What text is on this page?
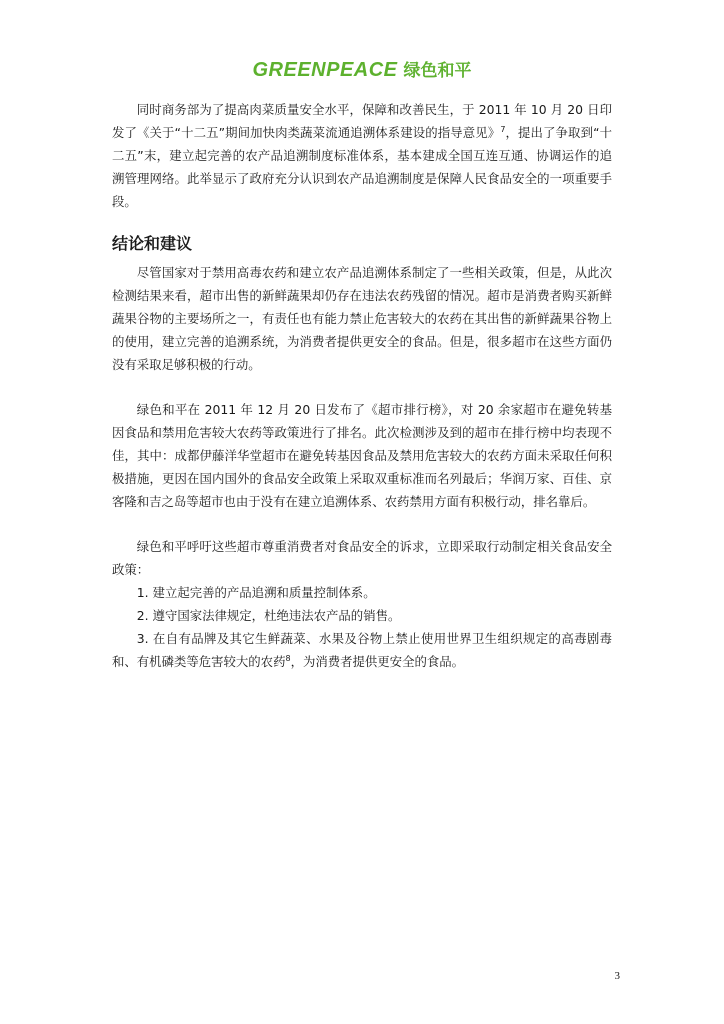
GREENPEACE 绿色和平

同时商务部为了提高肉菜质量安全水平，保障和改善民生，于 2011 年 10 月 20 日印发了《关于“十二五”期间加快肉类蔬菜流通追溯体系建设的指导意见》$^7$，提出了争取到“十二五”末，建立起完善的农产品追溯制度标准体系，基本建成全国互连互通、协调运作的追溯管理网络。此举显示了政府充分认识到农产品追溯制度是保障人民食品安全的一项重要手段。

结论和建议

尽管国家对于禁用高毒农药和建立农产品追溯体系制定了一些相关政策，但是，从此次检测结果来看，超市出售的新鲜蔬果却仍存在违法农药残留的情况。超市是消费者购买新鲜蔬果谷物的主要场所之一，有责任也有能力禁止危害较大的农药在其出售的新鲜蔬果谷物上的使用，建立完善的追溯系统，为消费者提供更安全的食品。但是，很多超市在这些方面仍没有采取足够积极的行动。

绿色和平在 2011 年 12 月 20 日发布了《超市排行榜》，对 20 余家超市在避免转基因食品和禁用危害较大农药等政策进行了排名。此次检测涉及到的超市在排行榜中均表现不佳，其中：成都伊藤洋华堂超市在避免转基因食品及禁用危害较大的农药方面未采取任何积极措施，更因在国内国外的食品安全政策上采取双重标准而名列最后；华润万家、百佳、京客隆和吉之岛等超市也由于没有在建立追溯体系、农药禁用方面有积极行动，排名靠后。

绿色和平呼吁这些超市尊重消费者对食品安全的诉求，立即采取行动制定相关食品安全政策：

1. 建立起完善的产品追溯和质量控制体系。
2. 遵守国家法律规定，杜绝违法农产品的销售。
3. 在自有品牌及其它生鲜蔬菜、水果及谷物上禁止使用世界卫生组织规定的高毒剧毒和、有机磷类等危害较大的农药$^8$，为消费者提供更安全的食品。
3
